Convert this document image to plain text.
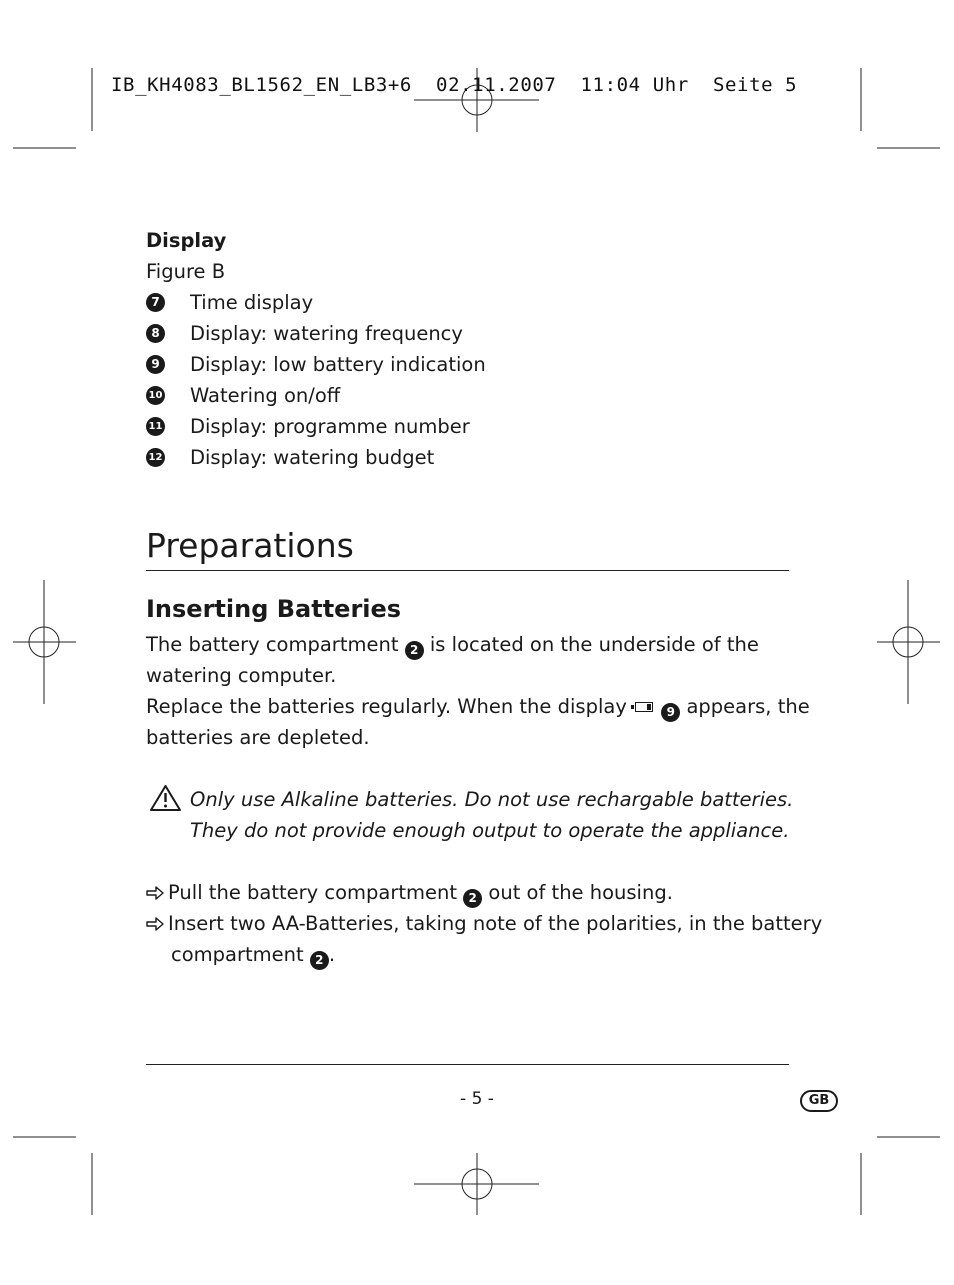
IB_KH4083_BL1562_EN_LB3+6  02.11.2007  11:04 Uhr  Seite 5
Display
Figure B
7 Time display
8 Display: watering frequency
9 Display: low battery indication
10 Watering on/off
11 Display: programme number
12 Display: watering budget
Preparations
Inserting Batteries
The battery compartment 2 is located on the underside of the
watering computer.
Replace the batteries regularly. When the display	9 appears, the
batteries are depleted.
Only use Alkaline batteries. Do not use rechargable batteries.
They do not provide enough output to operate the appliance.
Pull the battery compartment 2 out of the housing.
Insert two AA-Batteries, taking note of the polarities, in the battery
compartment 2 .
- 5 -	GB
